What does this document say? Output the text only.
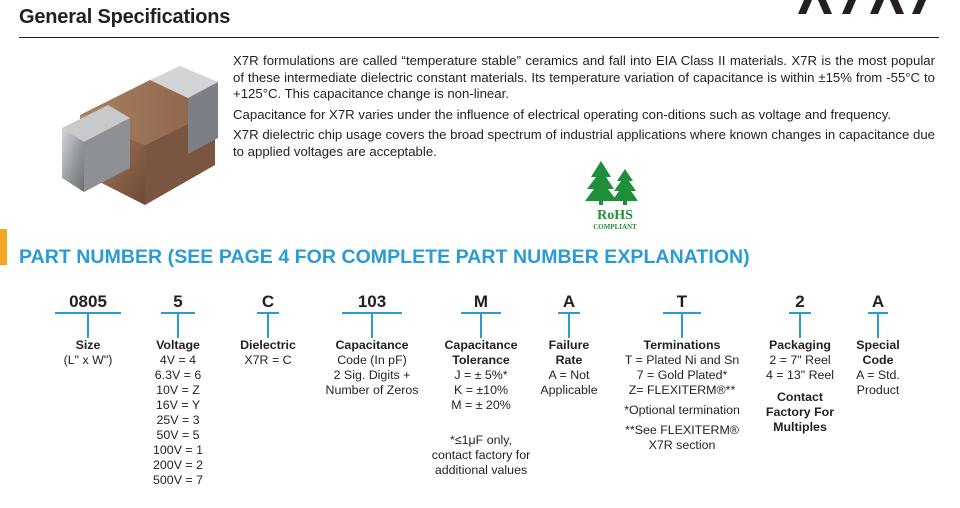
General Specifications

X7R formulations are called “temperature stable” ceramics and fall into EIA Class II materials. X7R is the most popular of these intermediate dielectric constant materials. Its temperature variation of capacitance is within ±15% from -55°C to +125°C. This capacitance change is non-linear.

Capacitance for X7R varies under the influence of electrical operating con-ditions such as voltage and frequency.

X7R dielectric chip usage covers the broad spectrum of industrial applications where known changes in capacitance due to applied voltages are acceptable.

RoHS
COMPLIANT
PART NUMBER (SEE PAGE 4 FOR COMPLETE PART NUMBER EXPLANATION)
0805
Size
(L" x W")
5
Voltage
4V = 4
6.3V = 6
10V = Z
16V = Y
25V = 3
50V = 5
100V = 1
200V = 2
500V = 7
C
Dielectric
X7R = C
103
Capacitance
Code (In pF)
2 Sig. Digits +
Number of Zeros
M
Capacitance
Tolerance
J = ± 5%*
K = ±10%
M = ± 20%
*≤1μF only,
contact factory for
additional values
A
Failure
Rate
A = Not
Applicable
T
Terminations
T = Plated Ni and Sn
7 = Gold Plated*
Z= FLEXITERM®**
*Optional termination
**See FLEXITERM®
X7R section
2
Packaging
2 = 7" Reel
4 = 13" Reel
Contact
Factory For
Multiples
A
Special
Code
A = Std.
Product
